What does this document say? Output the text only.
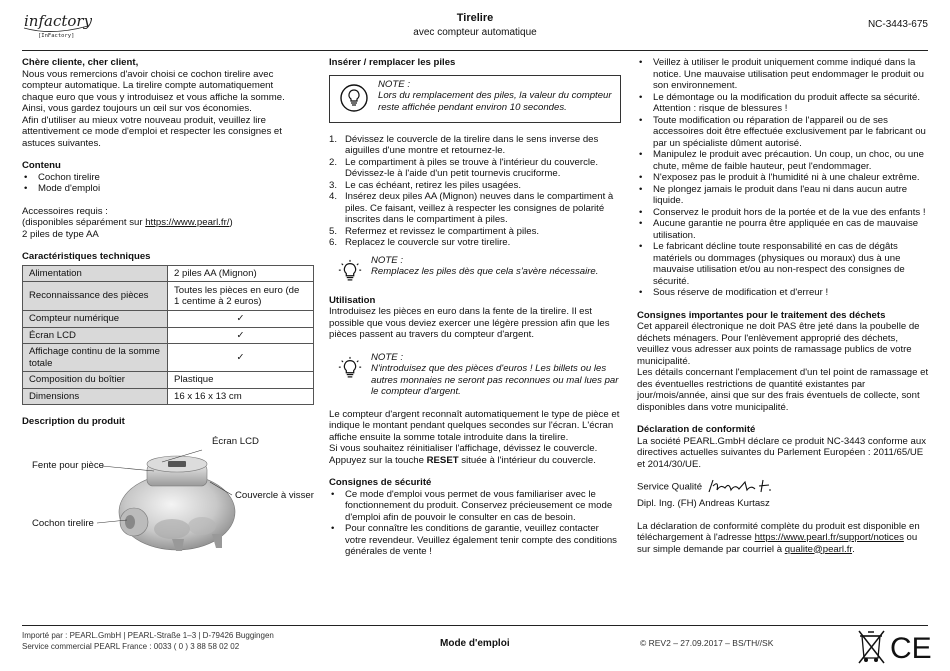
infactory
[InFactory]
Tirelire
avec compteur automatique
NC-3443-675
Chère cliente, cher client,

Nous vous remercions d'avoir choisi ce cochon tirelire avec
compteur automatique. La tirelire compte automatiquement
chaque euro que vous y introduisez et vous affiche la somme.
Ainsi, vous gardez toujours un œil sur vos économies.
Afin d'utiliser au mieux votre nouveau produit, veuillez lire
attentivement ce mode d'emploi et respecter les consignes et
astuces suivantes.

Contenu
• Cochon tirelire
• Mode d'emploi

Accessoires requis :

(disponibles séparément sur https://www.pearl.fr/)

2 piles de type AA

Caractéristiques techniques
Alimentation	2 piles AA (Mignon)
Reconnaissance des pièces	Toutes les pièces en euro (de 1 centime à 2 euros)
Compteur numérique	✓
Écran LCD	✓
Affichage continu de la somme totale	✓
Composition du boîtier	Plastique
Dimensions	16 x 16 x 13 cm
Description du produit
Écran LCD
Fente pour pièce
Couvercle à visser
Cochon tirelire
Insérer / remplacer les piles

NOTE :

Lors du remplacement des piles, la valeur du compteur reste affichée pendant environ 10 secondes.

1. Dévissez le couvercle de la tirelire dans le sens inverse des aiguilles d'une montre et retournez-le.
2. Le compartiment à piles se trouve à l'intérieur du couvercle. Dévissez-le à l'aide d'un petit tournevis cruciforme.
3. Le cas échéant, retirez les piles usagées.
4. Insérez deux piles AA (Mignon) neuves dans le compartiment à piles. Ce faisant, veillez à respecter les consignes de polarité inscrites dans le compartiment à piles.
5. Refermez et revissez le compartiment à piles.
6. Replacez le couvercle sur votre tirelire.

NOTE :

Remplacez les piles dès que cela s'avère nécessaire.

Utilisation

Introduisez les pièces en euro dans la fente de la tirelire. Il est possible que vous deviez exercer une légère pression afin que les pièces passent au travers du compteur d'argent.

NOTE :

N'introduisez que des pièces d'euros ! Les billets ou les autres monnaies ne seront pas reconnues ou mal lues par le compteur d'argent.

Le compteur d'argent reconnaît automatiquement le type de pièce et indique le montant pendant quelques secondes sur l'écran. L'écran affiche ensuite la somme totale introduite dans la tirelire.

Si vous souhaitez réinitialiser l'affichage, dévissez le couvercle. Appuyez sur la touche RESET située à l'intérieur du couvercle.

Consignes de sécurité
• Ce mode d'emploi vous permet de vous familiariser avec le fonctionnement du produit. Conservez précieusement ce mode d'emploi afin de pouvoir le consulter en cas de besoin.
• Pour connaître les conditions de garantie, veuillez contacter votre revendeur. Veuillez également tenir compte des conditions générales de vente !
• Veillez à utiliser le produit uniquement comme indiqué dans la notice. Une mauvaise utilisation peut endommager le produit ou son environnement.
• Le démontage ou la modification du produit affecte sa sécurité. Attention : risque de blessures !
• Toute modification ou réparation de l'appareil ou de ses accessoires doit être effectuée exclusivement par le fabricant ou par un spécialiste dûment autorisé.
• Manipulez le produit avec précaution. Un coup, un choc, ou une chute, même de faible hauteur, peut l'endommager.
• N'exposez pas le produit à l'humidité ni à une chaleur extrême.
• Ne plongez jamais le produit dans l'eau ni dans aucun autre liquide.
• Conservez le produit hors de la portée et de la vue des enfants !
• Aucune garantie ne pourra être appliquée en cas de mauvaise utilisation.
• Le fabricant décline toute responsabilité en cas de dégâts matériels ou dommages (physiques ou moraux) dus à une mauvaise utilisation et/ou au non-respect des consignes de sécurité.
• Sous réserve de modification et d'erreur !
Consignes importantes pour le traitement des déchets

Cet appareil électronique ne doit PAS être jeté dans la poubelle de déchets ménagers. Pour l'enlèvement approprié des déchets, veuillez vous adresser aux points de ramassage publics de votre municipalité.

Les détails concernant l'emplacement d'un tel point de ramassage et des éventuelles restrictions de quantité existantes par jour/mois/année, ainsi que sur des frais éventuels de collecte, sont disponibles dans votre municipalité.

Déclaration de conformité

La société PEARL.GmbH déclare ce produit NC-3443 conforme aux directives actuelles suivantes du Parlement Européen : 2011/65/UE et 2014/30/UE.

Service Qualité

Dipl. Ing. (FH) Andreas Kurtasz

La déclaration de conformité complète du produit est disponible en téléchargement à l'adresse https://www.pearl.fr/support/notices ou sur simple demande par courriel à qualite@pearl.fr.

Importé par : PEARL.GmbH | PEARL-Straße 1–3 | D-79426 Buggingen
Service commercial PEARL France : 0033 ( 0 ) 3 88 58 02 02	Mode d'emploi	© REV2 – 27.09.2017 – BS/TH//SK	CE
